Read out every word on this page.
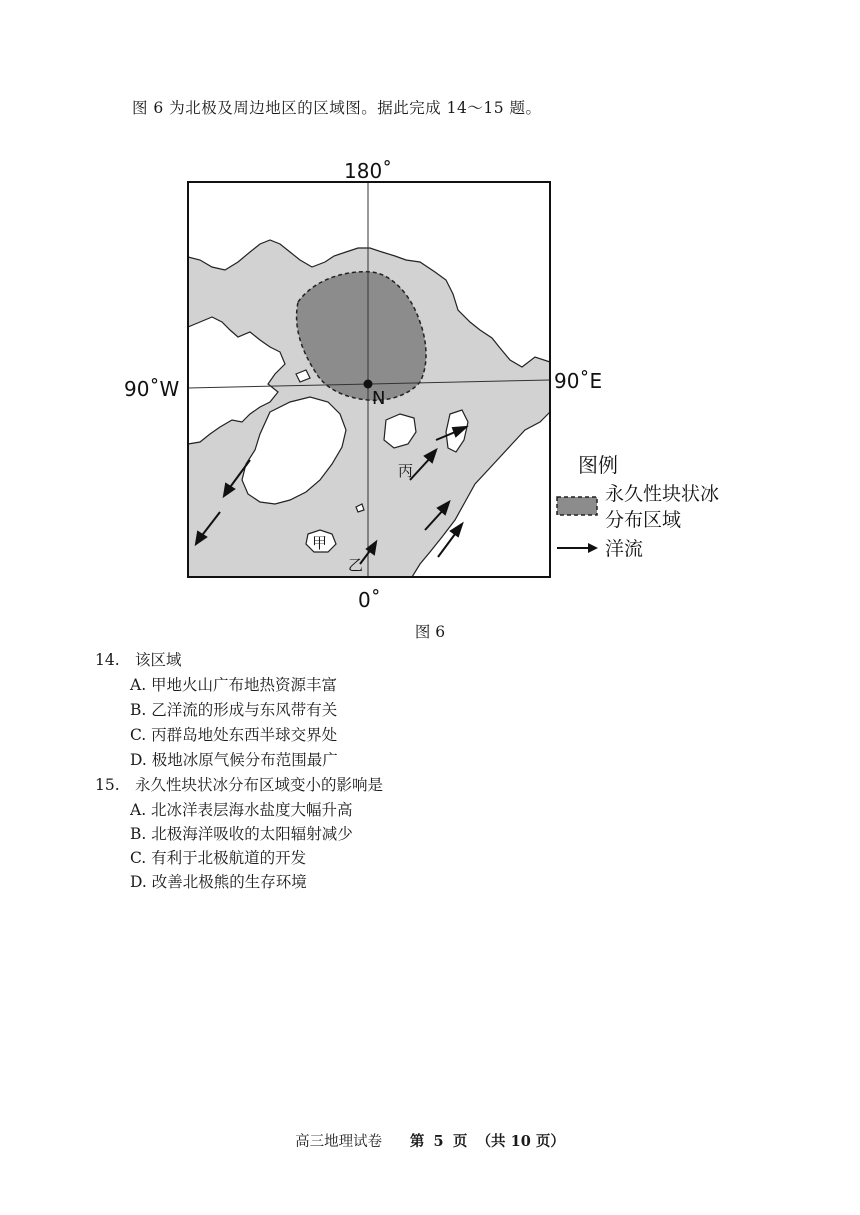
图 6 为北极及周边地区的区域图。据此完成 14～15 题。
180˚
0˚
90˚W	90˚E
N
甲
乙
丙	图例
永久性块状冰
分布区域
洋流
图 6
14. 该区域
A. 甲地火山广布地热资源丰富
B. 乙洋流的形成与东风带有关
C. 丙群岛地处东西半球交界处
D. 极地冰原气候分布范围最广
15. 永久性块状冰分布区域变小的影响是
A. 北冰洋表层海水盐度大幅升高
B. 北极海洋吸收的太阳辐射减少
C. 有利于北极航道的开发
D. 改善北极熊的生存环境
高三地理试卷 第 5 页 （共 10 页）
